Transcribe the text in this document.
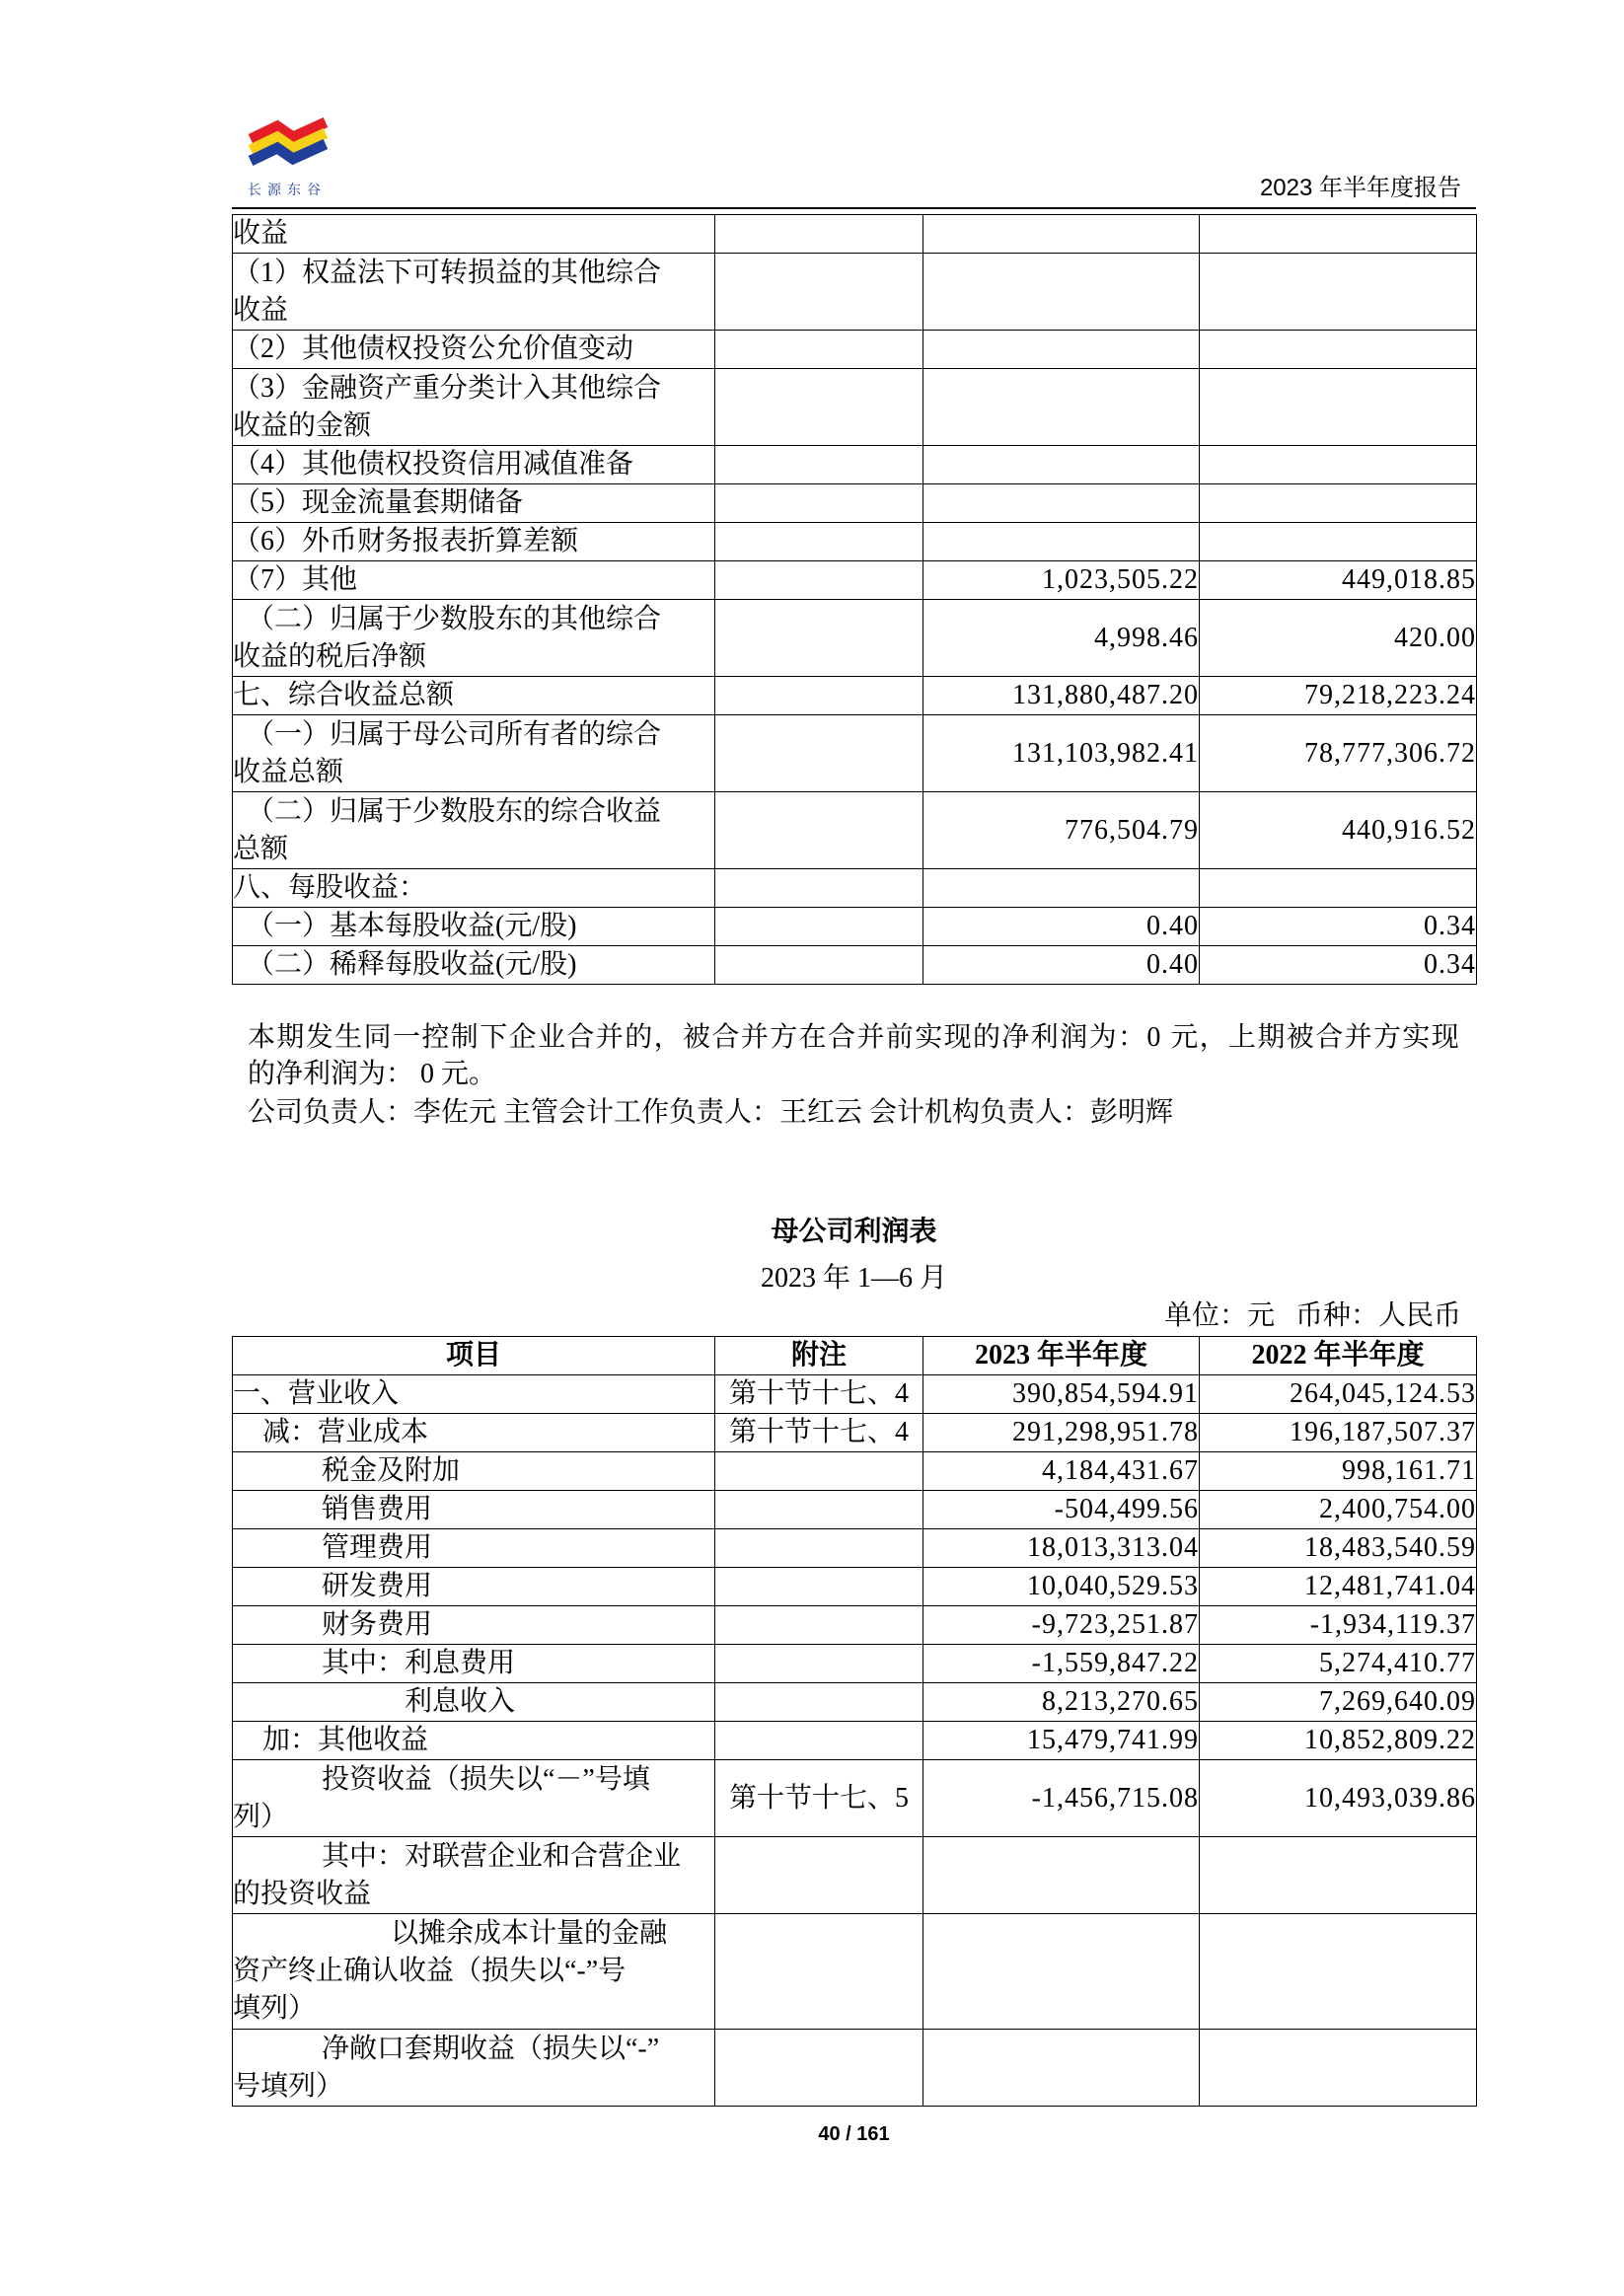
长源东谷	2023 年半年度报告
收益			

（1）权益法下可转损益的其他综合
收益			

（2）其他债权投资公允价值变动			

（3）金融资产重分类计入其他综合
收益的金额			

（4）其他债权投资信用减值准备			

（5）现金流量套期储备			

（6）外币财务报表折算差额			

（7）其他		1,023,505.22	449,018.85

（二）归属于少数股东的其他综合
收益的税后净额		4,998.46	420.00

七、综合收益总额		131,880,487.20	79,218,223.24

（一）归属于母公司所有者的综合
收益总额		131,103,982.41	78,777,306.72

（二）归属于少数股东的综合收益
总额		776,504.79	440,916.52

八、每股收益：			

（一）基本每股收益(元/股)		0.40	0.34

（二）稀释每股收益(元/股)		0.40	0.34
本期发生同一控制下企业合并的，被合并方在合并前实现的净利润为：0 元，上期被合并方实现
的净利润为： 0 元。
公司负责人：李佐元 主管会计工作负责人：王红云 会计机构负责人：彭明辉
母公司利润表
2023 年 1—6 月
单位：元 币种：人民币
项目	附注	2023 年半年度	2022 年半年度

一、营业收入	第十节十七、4	390,854,594.91	264,045,124.53

减：营业成本	第十节十七、4	291,298,951.78	196,187,507.37

税金及附加		4,184,431.67	998,161.71

销售费用		-504,499.56	2,400,754.00

管理费用		18,013,313.04	18,483,540.59

研发费用		10,040,529.53	12,481,741.04

财务费用		-9,723,251.87	-1,934,119.37

其中：利息费用		-1,559,847.22	5,274,410.77

利息收入		8,213,270.65	7,269,640.09

加：其他收益		15,479,741.99	10,852,809.22

投资收益（损失以“－”号填
列）	第十节十七、5	-1,456,715.08	10,493,039.86

其中：对联营企业和合营企业
的投资收益			

以摊余成本计量的金融
资产终止确认收益（损失以“-”号
填列）			

净敞口套期收益（损失以“-”
号填列）			

40 / 161
